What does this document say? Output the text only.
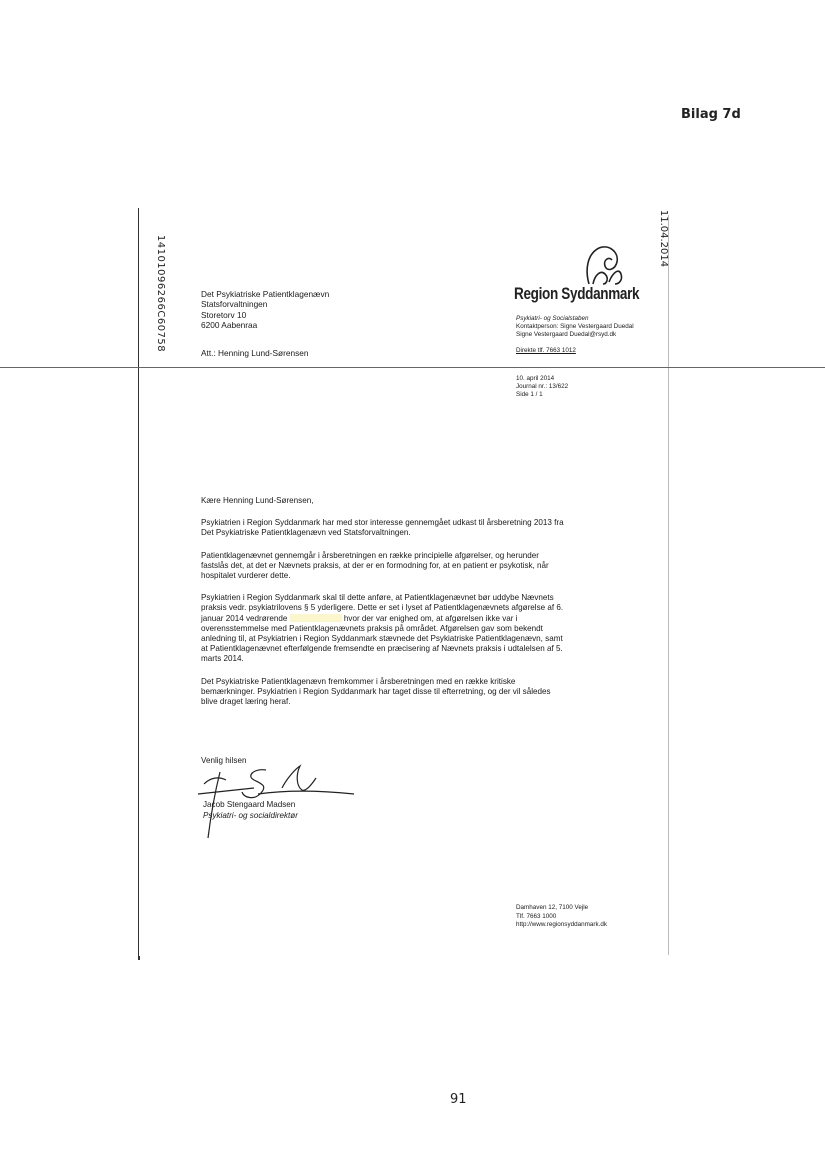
Bilag 7d
14101096266C60758	11.04.2014
Det Psykiatriske Patientklagenævn
Statsforvaltningen
Storetorv 10
6200 Aabenraa
Att.: Henning Lund-Sørensen
Region Syddanmark
Psykiatri- og Socialstaben
Kontaktperson: Signe Vestergaard Duedal
Signe Vestergaard Duedal@rsyd.dk
Direkte tlf. 7663 1012
10. april 2014
Journal nr.: 13/622
Side 1 / 1

Kære Henning Lund-Sørensen,

Psykiatrien i Region Syddanmark har med stor interesse gennemgået udkast til årsberetning 2013 fra
Det Psykiatriske Patientklagenævn ved Statsforvaltningen.

Patientklagenævnet gennemgår i årsberetningen en række principielle afgørelser, og herunder
fastslås det, at det er Nævnets praksis, at der er en formodning for, at en patient er psykotisk, når
hospitalet vurderer dette.

Psykiatrien i Region Syddanmark skal til dette anføre, at Patientklagenævnet bør uddybe Nævnets
praksis vedr. psykiatrilovens § 5 yderligere. Dette er set i lyset af Patientklagenævnets afgørelse af 6.
januar 2014 vedrørende	hvor der var enighed om, at afgørelsen ikke var i
overensstemmelse med Patientklagenævnets praksis på området. Afgørelsen gav som bekendt
anledning til, at Psykiatrien i Region Syddanmark stævnede det Psykiatriske Patientklagenævn, samt
at Patientklagenævnet efterfølgende fremsendte en præcisering af Nævnets praksis i udtalelsen af 5.
marts 2014.

Det Psykiatriske Patientklagenævn fremkommer i årsberetningen med en række kritiske
bemærkninger. Psykiatrien i Region Syddanmark har taget disse til efterretning, og der vil således
blive draget læring heraf.

Venlig hilsen
Jacob Stengaard Madsen
Psykiatri- og socialdirektør
Damhaven 12, 7100 Vejle
Tlf. 7663 1000
http://www.regionsyddanmark.dk
91
